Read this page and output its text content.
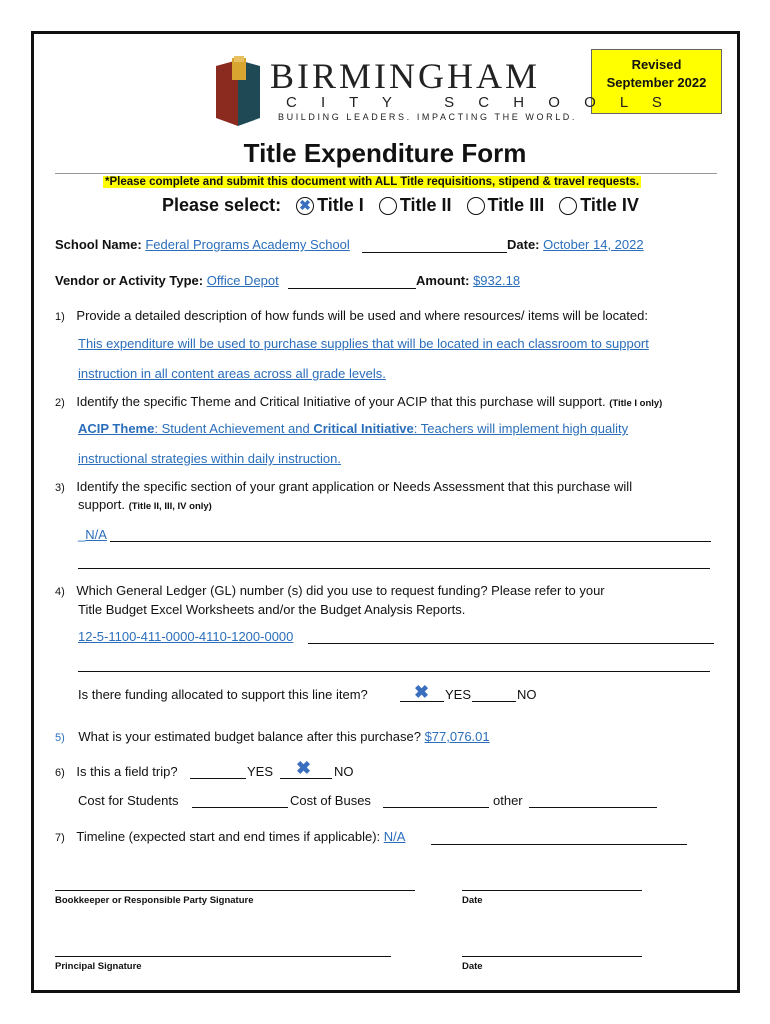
Revised
September 2022
BIRMINGHAM
C I T Y   S C H O O L S
BUILDING LEADERS. IMPACTING THE WORLD.
Title Expenditure Form
*Please complete and submit this document with ALL Title requisitions, stipend & travel requests.
Please select: ✖ Title I Title II Title III Title IV
School Name: Federal Programs Academy School	Date: October 14, 2022
Vendor or Activity Type: Office Depot	Amount: $932.18
1) Provide a detailed description of how funds will be used and where resources/ items will be located:
This expenditure will be used to purchase supplies that will be located in each classroom to support
instruction in all content areas across all grade levels.
2) Identify the specific Theme and Critical Initiative of your ACIP that this purchase will support. (Title I only)
ACIP Theme: Student Achievement and Critical Initiative: Teachers will implement high quality
instructional strategies within daily instruction.
3) Identify the specific section of your grant application or Needs Assessment that this purchase will
support. (Title II, III, IV only)
_N/A
4) Which General Ledger (GL) number (s) did you use to request funding? Please refer to your
Title Budget Excel Worksheets and/or the Budget Analysis Reports.
12-5-1100-411-0000-4110-1200-0000
Is there funding allocated to support this line item?	✖ YES	NO
5) What is your estimated budget balance after this purchase? $77,076.01
6) Is this a field trip?	YES ✖ NO
Cost for Students	Cost of Buses	other
7) Timeline (expected start and end times if applicable): N/A
Bookkeeper or Responsible Party Signature	Date
Principal Signature	Date
